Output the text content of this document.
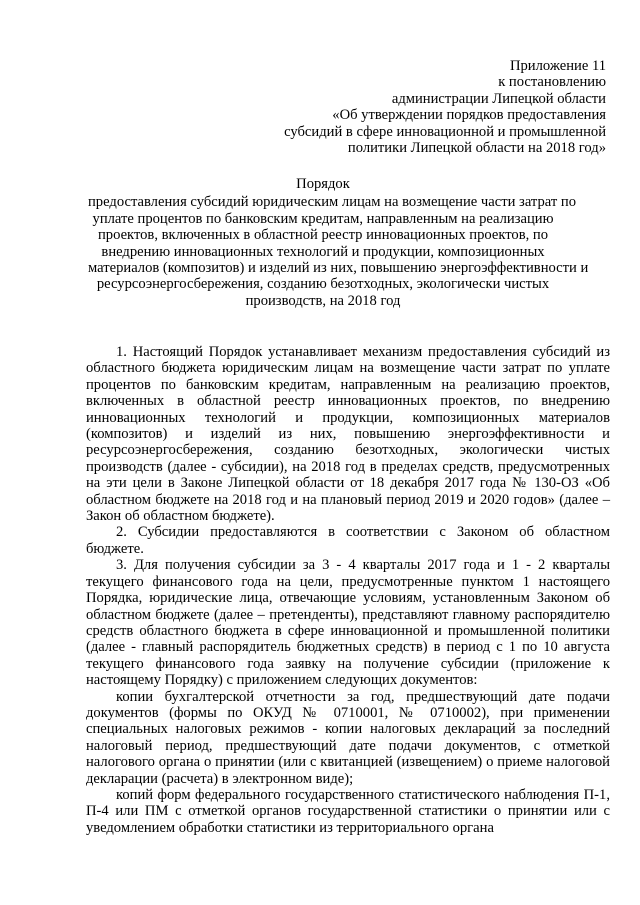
Приложение 11
к постановлению
администрации Липецкой области
«Об утверждении порядков предоставления
субсидий в сфере инновационной и промышленной
политики Липецкой области на 2018 год»
Порядок
предоставления субсидий юридическим лицам на возмещение части затрат по
уплате процентов по банковским кредитам, направленным на реализацию
проектов, включенных в областной реестр инновационных проектов, по
внедрению инновационных технологий и продукции, композиционных
материалов (композитов) и изделий из них, повышению энергоэффективности и
ресурсоэнергосбережения, созданию безотходных, экологически чистых
производств, на 2018 год

1. Настоящий Порядок устанавливает механизм предоставления субсидий из областного бюджета юридическим лицам на возмещение части затрат по уплате процентов по банковским кредитам, направленным на реализацию проектов, включенных в областной реестр инновационных проектов, по внедрению инновационных технологий и продукции, композиционных материалов (композитов) и изделий из них, повышению энергоэффективности и ресурсоэнергосбережения, созданию безотходных, экологически чистых производств (далее - субсидии), на 2018 год в пределах средств, предусмотренных на эти цели в Законе Липецкой области от 18 декабря 2017 года № 130-ОЗ «Об областном бюджете на 2018 год и на плановый период 2019 и 2020 годов» (далее – Закон об областном бюджете).

2. Субсидии предоставляются в соответствии с Законом об областном бюджете.

3. Для получения субсидии за 3 - 4 кварталы 2017 года и 1 - 2 кварталы текущего финансового года на цели, предусмотренные пунктом 1 настоящего Порядка, юридические лица, отвечающие условиям, установленным Законом об областном бюджете (далее – претенденты), представляют главному распорядителю средств областного бюджета в сфере инновационной и промышленной политики (далее - главный распорядитель бюджетных средств) в период с 1 по 10 августа текущего финансового года заявку на получение субсидии (приложение к настоящему Порядку) с приложением следующих документов:

копии бухгалтерской отчетности за год, предшествующий дате подачи документов (формы по ОКУД № 0710001, № 0710002), при применении специальных налоговых режимов - копии налоговых деклараций за последний налоговый период, предшествующий дате подачи документов, с отметкой налогового органа о принятии (или с квитанцией (извещением) о приеме налоговой декларации (расчета) в электронном виде);

копий форм федерального государственного статистического наблюдения П-1, П-4 или ПМ с отметкой органов государственной статистики о принятии или с уведомлением обработки статистики из территориального органа
